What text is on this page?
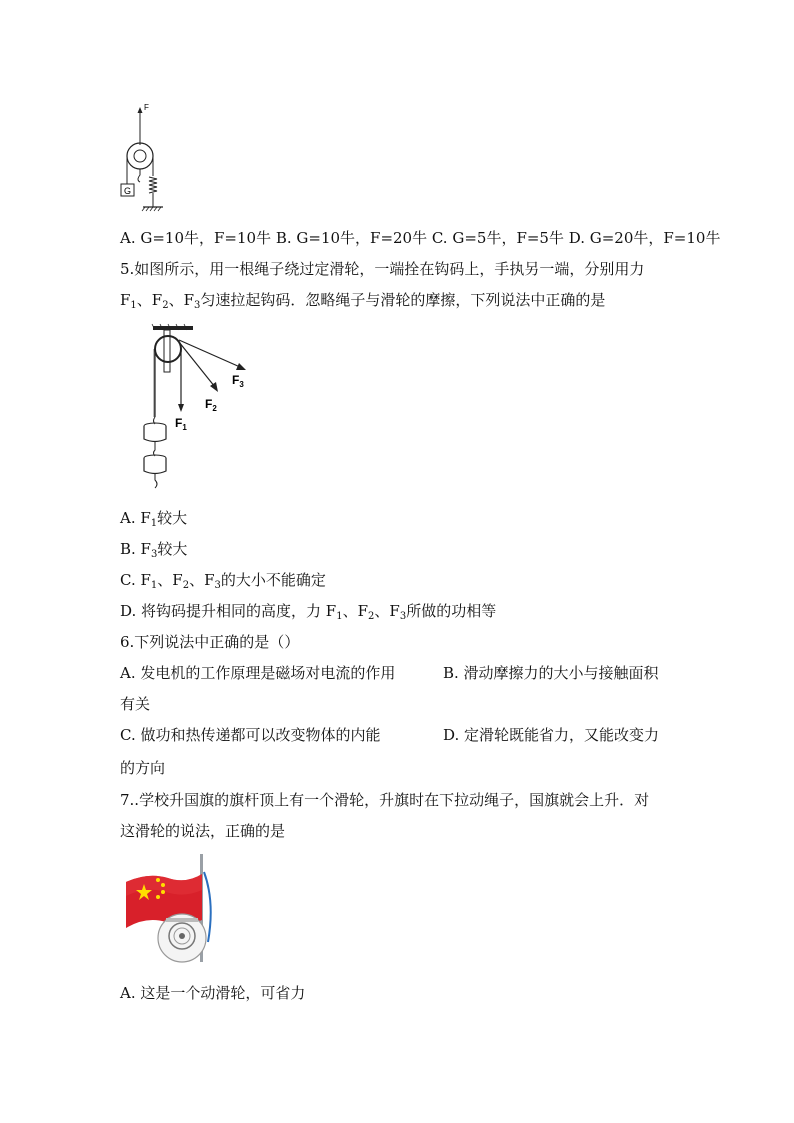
F
G
A. G=10牛，F=10牛 B. G=10牛，F=20牛 C. G=5牛，F=5牛 D. G=20牛，F=10牛
5.如图所示，用一根绳子绕过定滑轮，一端拴在钩码上，手执另一端，分别用力
$F_1$、$F_2$、$F_3$匀速拉起钩码．忽略绳子与滑轮的摩擦，下列说法中正确的是
$F_1$
$F_2$
$F_3$
A. $F_1$较大
B. $F_3$较大
C. $F_1$、$F_2$、$F_3$的大小不能确定
D. 将钩码提升相同的高度，力 $F_1$、$F_2$、$F_3$所做的功相等
6.下列说法中正确的是（）
A. 发电机的工作原理是磁场对电流的作用	B. 滑动摩擦力的大小与接触面积
有关
C. 做功和热传递都可以改变物体的内能	D. 定滑轮既能省力，又能改变力
的方向
7..学校升国旗的旗杆顶上有一个滑轮，升旗时在下拉动绳子，国旗就会上升．对
这滑轮的说法，正确的是
A. 这是一个动滑轮，可省力
